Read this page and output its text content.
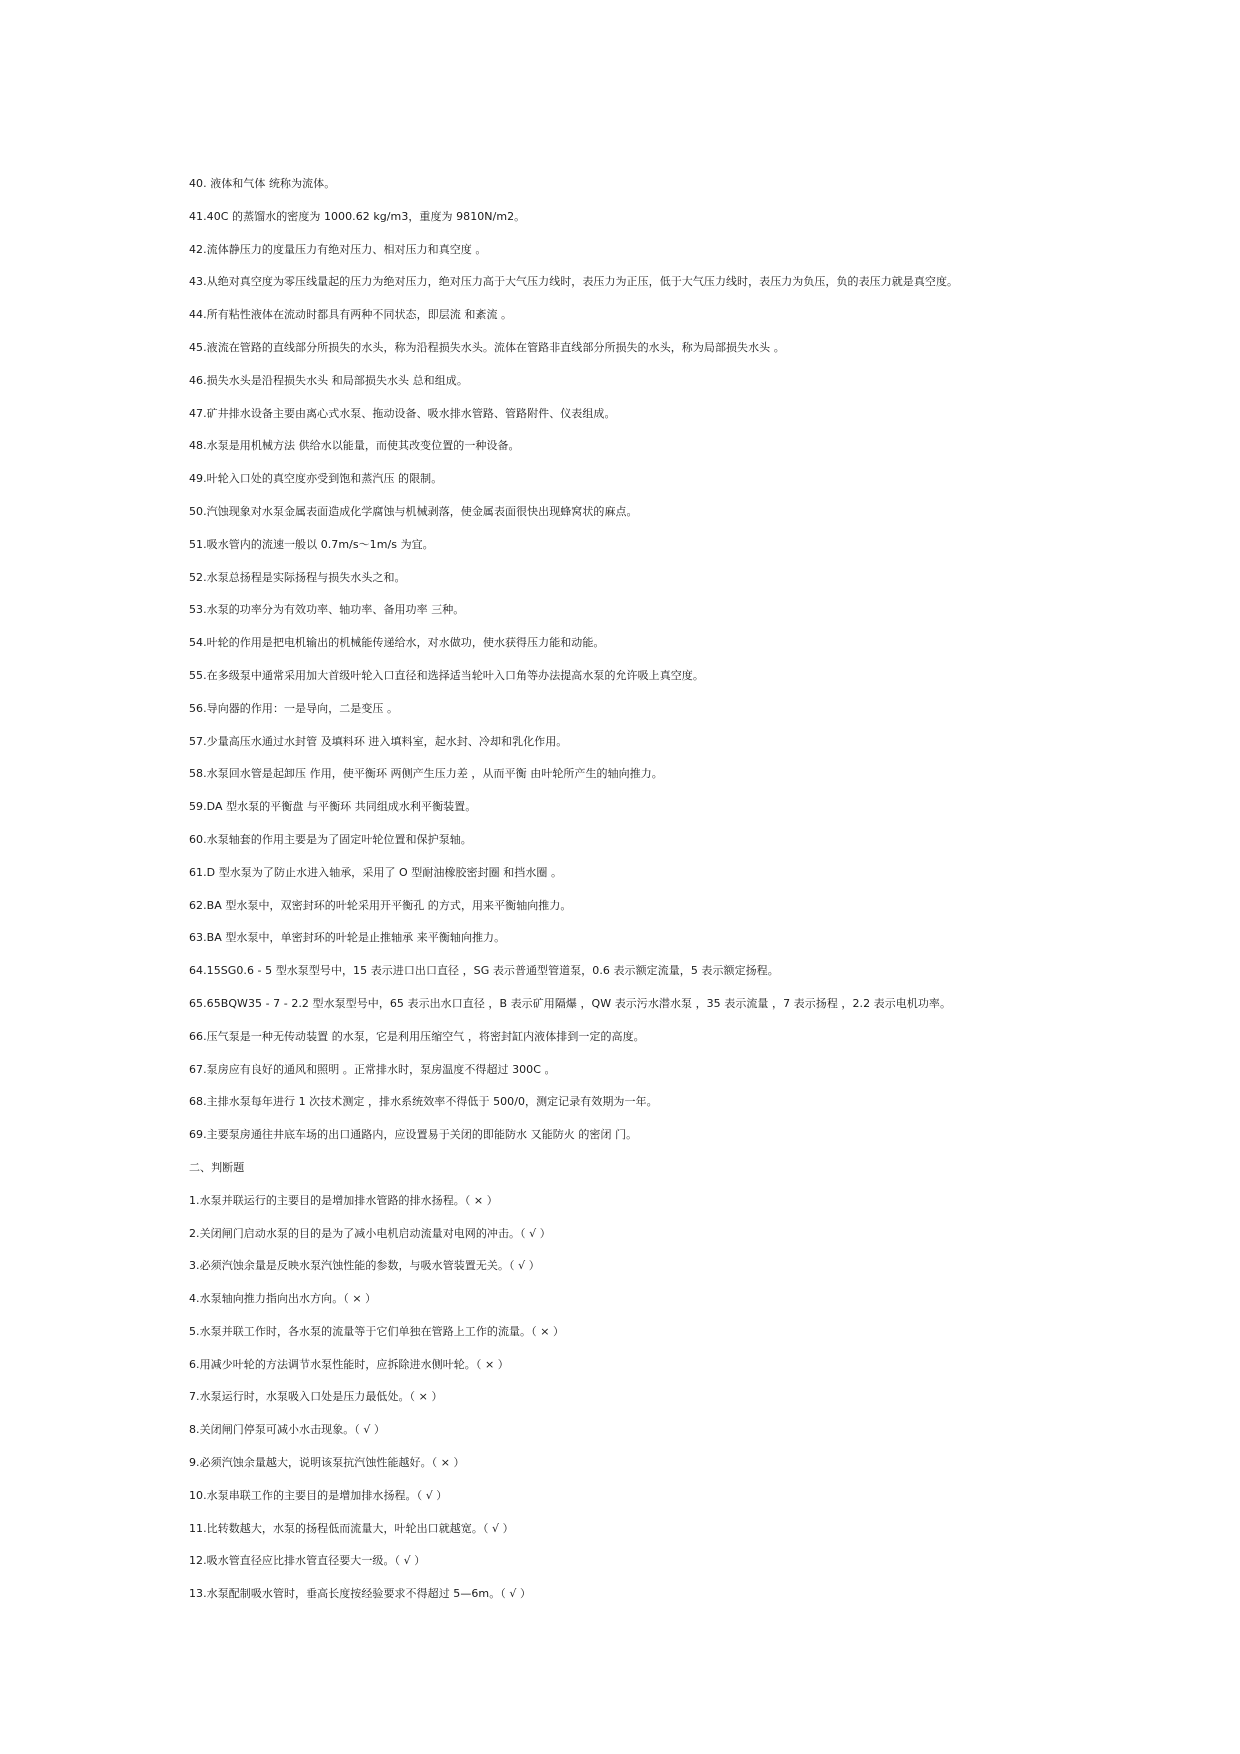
40. 液体和气体 统称为流体。
41.40C 的蒸馏水的密度为 1000.62 kg/m3，重度为 9810N/m2。
42.流体静压力的度量压力有绝对压力、相对压力和真空度 。
43.从绝对真空度为零压线量起的压力为绝对压力，绝对压力高于大气压力线时，表压力为正压，低于大气压力线时，表压力为负压，负的表压力就是真空度。
44.所有粘性液体在流动时都具有两种不同状态，即层流 和紊流 。
45.液流在管路的直线部分所损失的水头，称为沿程损失水头。流体在管路非直线部分所损失的水头，称为局部损失水头 。
46.损失水头是沿程损失水头 和局部损失水头 总和组成。
47.矿井排水设备主要由离心式水泵、拖动设备、吸水排水管路、管路附件、仪表组成。
48.水泵是用机械方法 供给水以能量，而使其改变位置的一种设备。
49.叶轮入口处的真空度亦受到饱和蒸汽压 的限制。
50.汽蚀现象对水泵金属表面造成化学腐蚀与机械剥落，使金属表面很快出现蜂窝状的麻点。
51.吸水管内的流速一般以 0.7m/s～1m/s 为宜。
52.水泵总扬程是实际扬程与损失水头之和。
53.水泵的功率分为有效功率、轴功率、备用功率 三种。
54.叶轮的作用是把电机输出的机械能传递给水，对水做功，使水获得压力能和动能。
55.在多级泵中通常采用加大首级叶轮入口直径和选择适当轮叶入口角等办法提高水泵的允许吸上真空度。
56.导向器的作用：一是导向，二是变压 。
57.少量高压水通过水封管 及填料环 进入填料室，起水封、冷却和乳化作用。
58.水泵回水管是起卸压 作用，使平衡环 两侧产生压力差 ，从而平衡 由叶轮所产生的轴向推力。
59.DA 型水泵的平衡盘 与平衡环 共同组成水利平衡装置。
60.水泵轴套的作用主要是为了固定叶轮位置和保护泵轴。
61.D 型水泵为了防止水进入轴承，采用了 O 型耐油橡胶密封圈 和挡水圈 。
62.BA 型水泵中，双密封环的叶轮采用开平衡孔 的方式，用来平衡轴向推力。
63.BA 型水泵中，单密封环的叶轮是止推轴承 来平衡轴向推力。
64.15SG0.6 - 5 型水泵型号中，15 表示进口出口直径 ，SG 表示普通型管道泵，0.6 表示额定流量，5 表示额定扬程。
65.65BQW35 - 7 - 2.2 型水泵型号中，65 表示出水口直径 ，B 表示矿用隔爆 ，QW 表示污水潜水泵 ，35 表示流量 ，7 表示扬程 ，2.2 表示电机功率。
66.压气泵是一种无传动装置 的水泵，它是利用压缩空气 ，将密封缸内液体排到一定的高度。
67.泵房应有良好的通风和照明 。正常排水时，泵房温度不得超过 300C 。
68.主排水泵每年进行 1 次技术测定 ，排水系统效率不得低于 500/0，测定记录有效期为一年。
69.主要泵房通往井底车场的出口通路内，应设置易于关闭的即能防水 又能防火 的密闭 门。
二、判断题
1.水泵并联运行的主要目的是增加排水管路的排水扬程。（ × ）
2.关闭闸门启动水泵的目的是为了减小电机启动流量对电网的冲击。（ √ ）
3.必须汽蚀余量是反映水泵汽蚀性能的参数，与吸水管装置无关。（ √ ）
4.水泵轴向推力指向出水方向。（ × ）
5.水泵并联工作时，各水泵的流量等于它们单独在管路上工作的流量。（ × ）
6.用减少叶轮的方法调节水泵性能时，应拆除进水侧叶轮。（ × ）
7.水泵运行时，水泵吸入口处是压力最低处。（ × ）
8.关闭闸门停泵可减小水击现象。（ √ ）
9.必须汽蚀余量越大，说明该泵抗汽蚀性能越好。（ × ）
10.水泵串联工作的主要目的是增加排水扬程。（ √ ）
11.比转数越大，水泵的扬程低而流量大，叶轮出口就越宽。（ √ ）
12.吸水管直径应比排水管直径要大一级。（ √ ）
13.水泵配制吸水管时，垂高长度按经验要求不得超过 5—6m。（ √ ）
